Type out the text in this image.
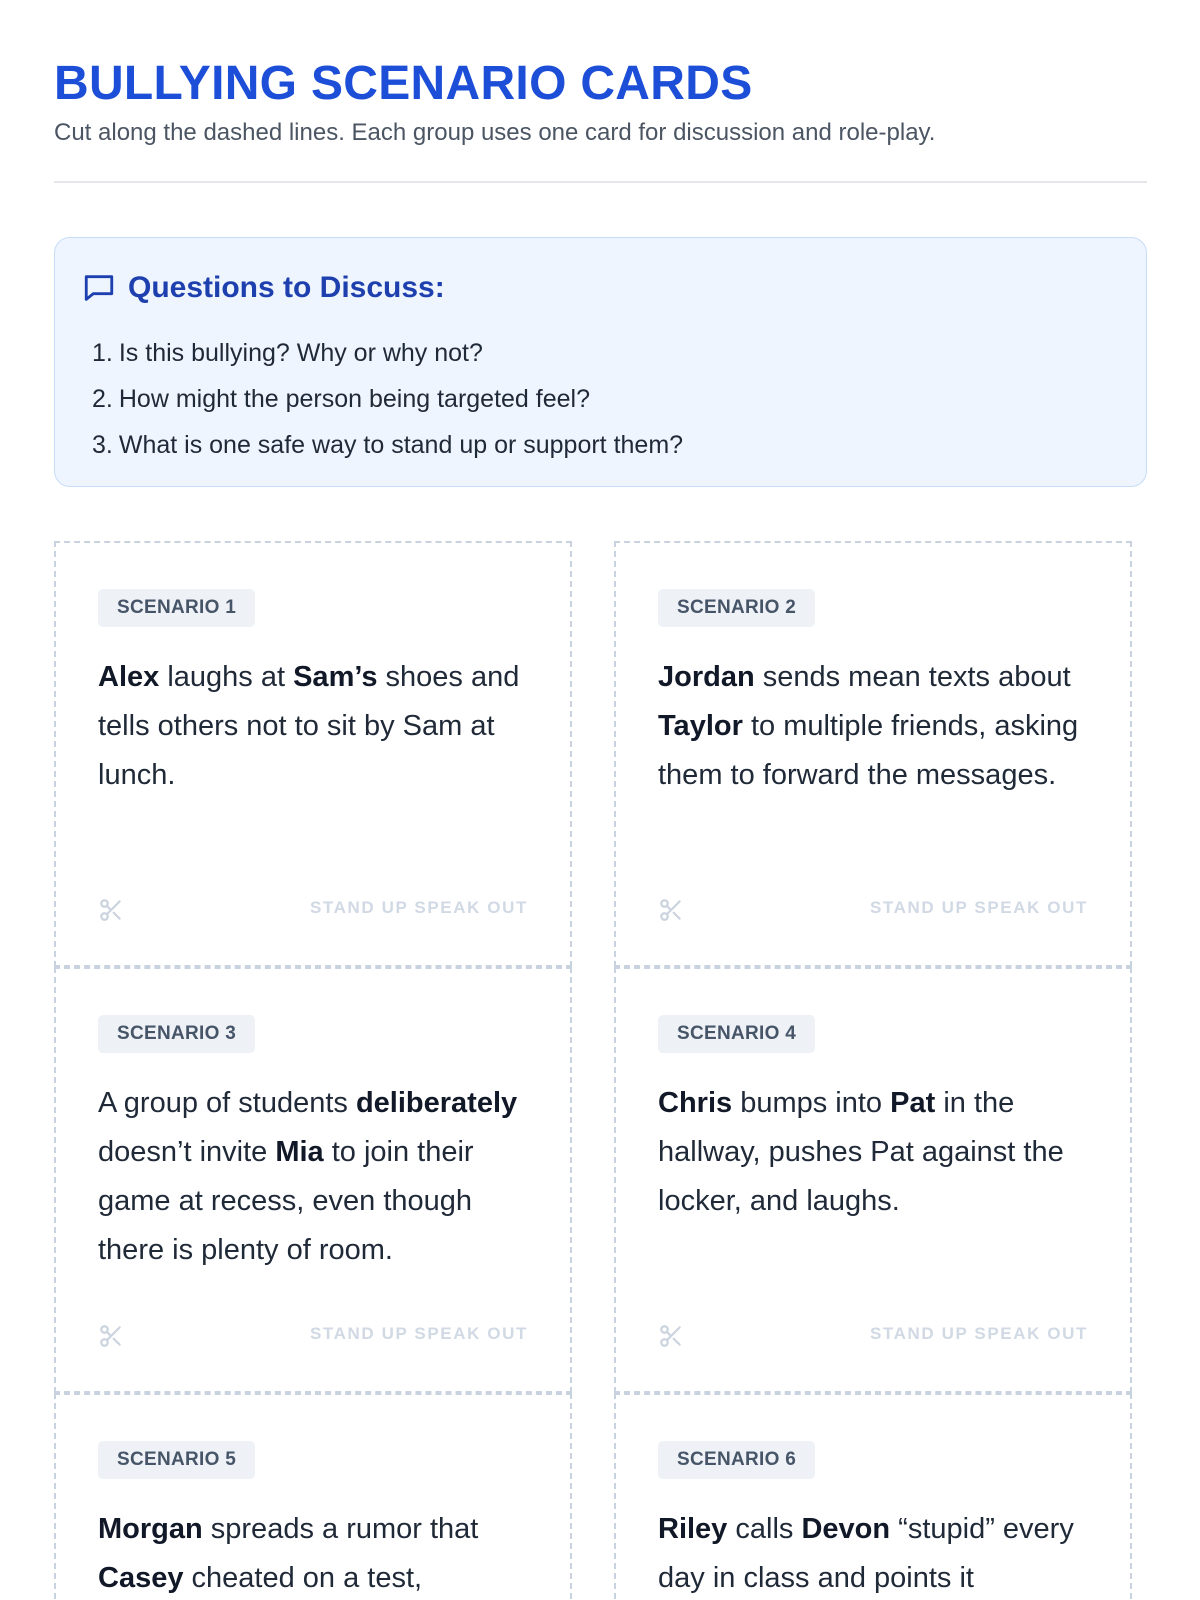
BULLYING SCENARIO CARDS

Cut along the dashed lines. Each group uses one card for discussion and role-play.

Questions to Discuss:
1. Is this bullying? Why or why not?
2. How might the person being targeted feel?
3. What is one safe way to stand up or support them?
SCENARIO 1

Alex laughs at Sam’s shoes and tells others not to sit by Sam at lunch.

STAND UP SPEAK OUT
SCENARIO 2

Jordan sends mean texts about Taylor to multiple friends, asking them to forward the messages.

STAND UP SPEAK OUT
SCENARIO 3

A group of students deliberately doesn’t invite Mia to join their game at recess, even though there is plenty of room.

STAND UP SPEAK OUT
SCENARIO 4

Chris bumps into Pat in the hallway, pushes Pat against the locker, and laughs.

STAND UP SPEAK OUT
SCENARIO 5

Morgan spreads a rumor that Casey cheated on a test,

SCENARIO 6

Riley calls Devon “stupid” every day in class and points it
